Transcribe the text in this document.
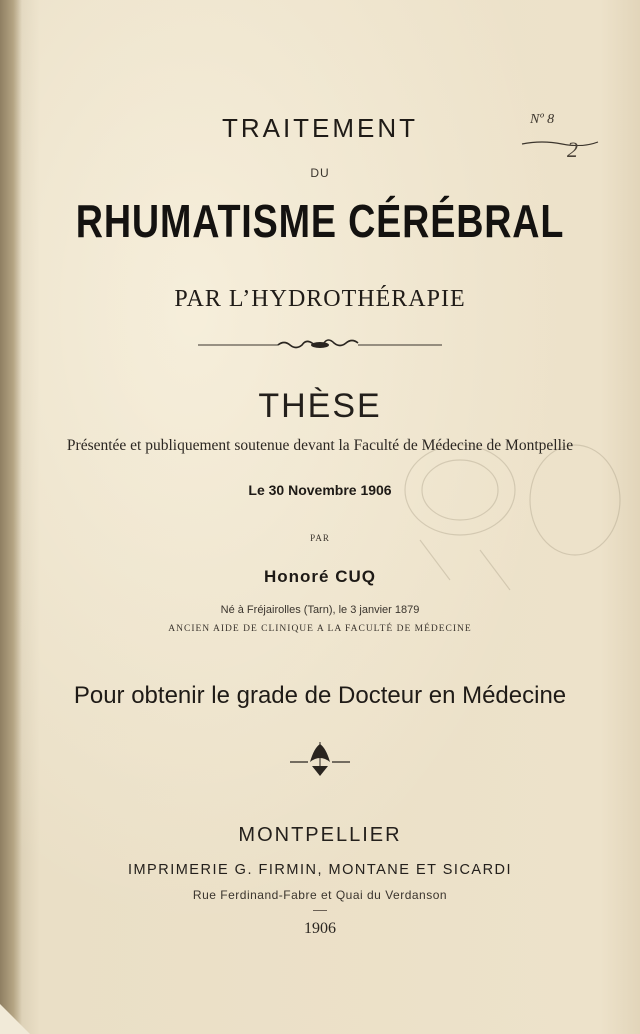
TRAITEMENT

DU

RHUMATISME CÉRÉBRAL

PAR L’HYDROTHÉRAPIE

THÈSE

Présentée et publiquement soutenue devant la Faculté de Médecine de Montpellie

Le 30 Novembre 1906

PAR

Honoré CUQ

Né à Fréjairolles (Tarn), le 3 janvier 1879

ANCIEN AIDE DE CLINIQUE A LA FACULTÉ DE MÉDECINE

Pour obtenir le grade de Docteur en Médecine

MONTPELLIER

IMPRIMERIE G. FIRMIN, MONTANE ET SICARDI

Rue Ferdinand-Fabre et Quai du Verdanson

1906

Nº 8
2
